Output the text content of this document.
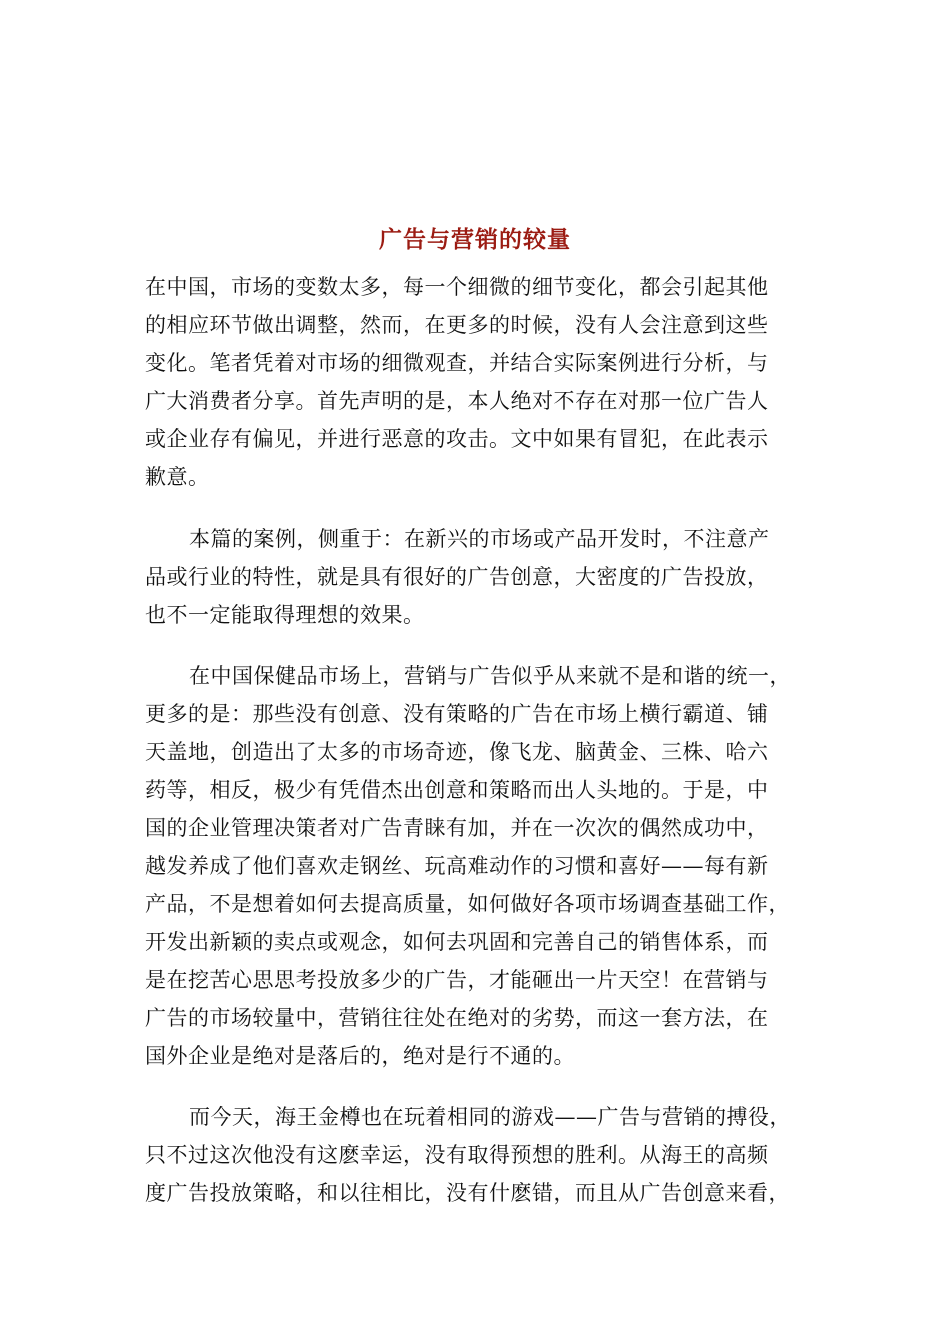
广告与营销的较量
在中国，市场的变数太多，每一个细微的细节变化，都会引起其他
的相应环节做出调整，然而，在更多的时候，没有人会注意到这些
变化。笔者凭着对市场的细微观查，并结合实际案例进行分析，与
广大消费者分享。首先声明的是，本人绝对不存在对那一位广告人
或企业存有偏见，并进行恶意的攻击。文中如果有冒犯，在此表示
歉意。
本篇的案例，侧重于：在新兴的市场或产品开发时，不注意产
品或行业的特性，就是具有很好的广告创意，大密度的广告投放，
也不一定能取得理想的效果。
在中国保健品市场上，营销与广告似乎从来就不是和谐的统一，
更多的是：那些没有创意、没有策略的广告在市场上横行霸道、铺
天盖地，创造出了太多的市场奇迹，像飞龙、脑黄金、三株、哈六
药等，相反，极少有凭借杰出创意和策略而出人头地的。于是，中
国的企业管理决策者对广告青睐有加，并在一次次的偶然成功中，
越发养成了他们喜欢走钢丝、玩高难动作的习惯和喜好——每有新
产品，不是想着如何去提高质量，如何做好各项市场调查基础工作，
开发出新颖的卖点或观念，如何去巩固和完善自己的销售体系，而
是在挖苦心思思考投放多少的广告，才能砸出一片天空！在营销与
广告的市场较量中，营销往往处在绝对的劣势，而这一套方法，在
国外企业是绝对是落后的，绝对是行不通的。
而今天，海王金樽也在玩着相同的游戏——广告与营销的搏役，
只不过这次他没有这麽幸运，没有取得预想的胜利。从海王的高频
度广告投放策略，和以往相比，没有什麽错，而且从广告创意来看，
